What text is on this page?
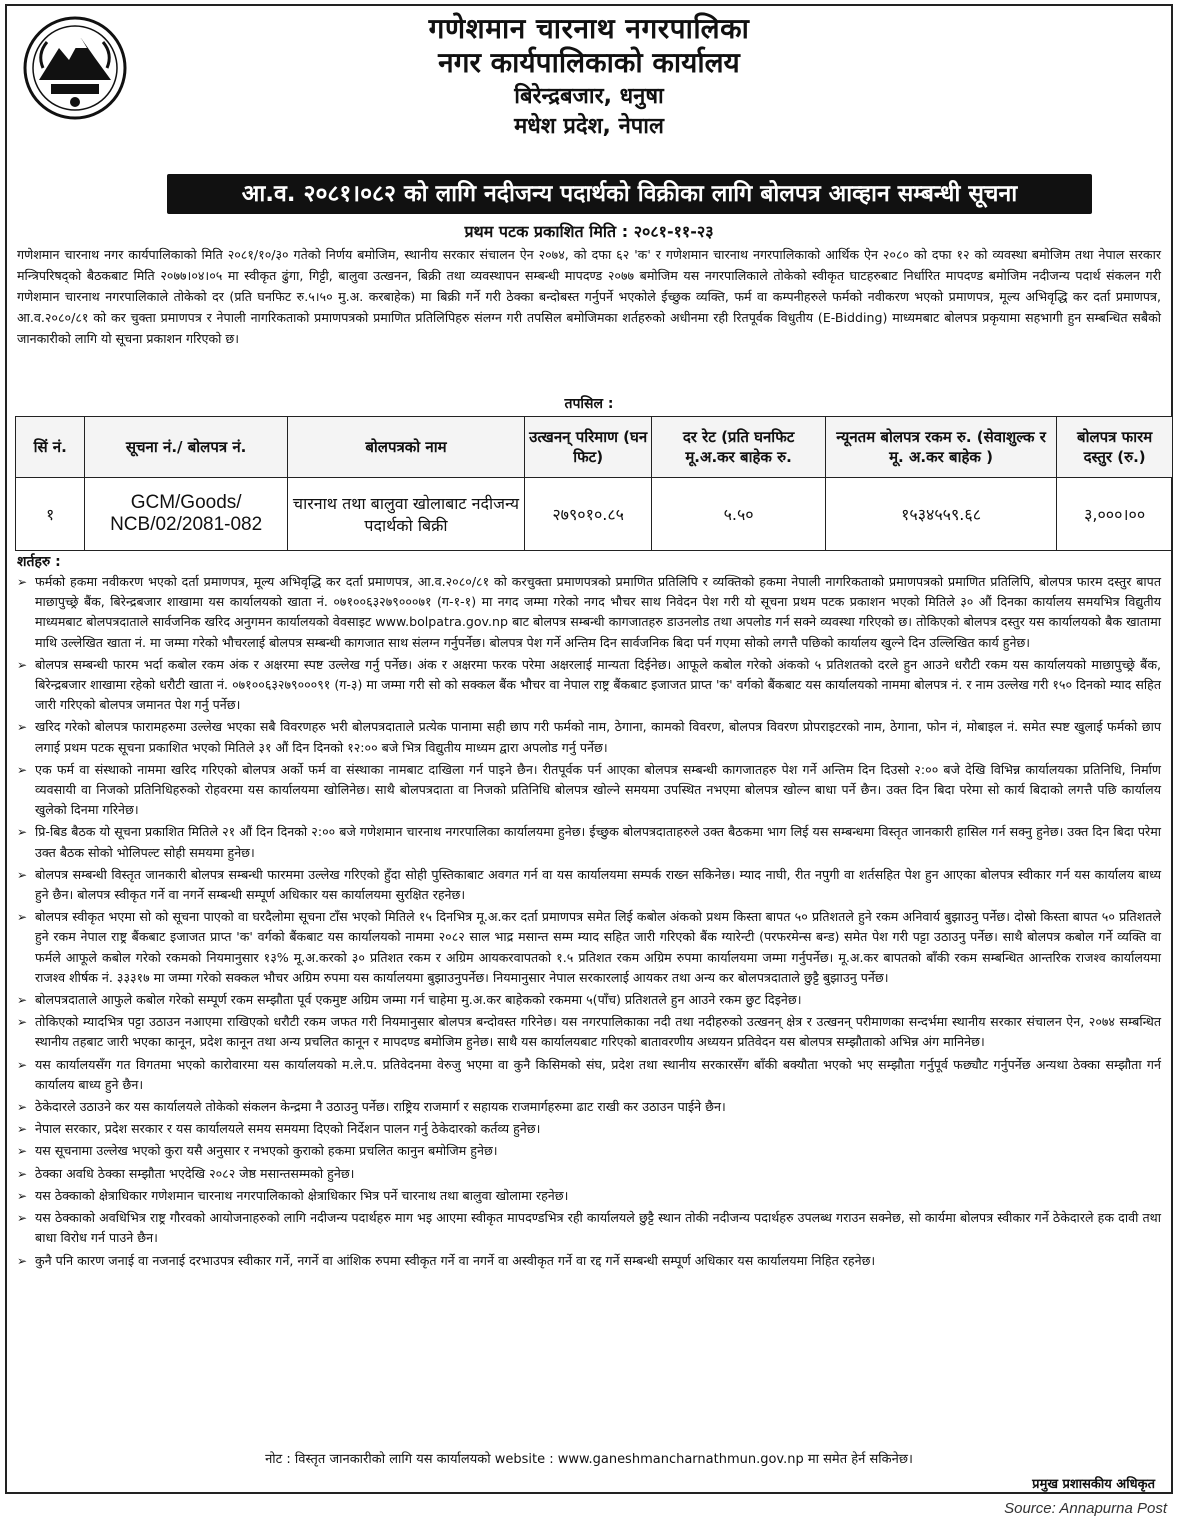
गणेशमान चारनाथ नगरपालिका
नगर कार्यपालिकाको कार्यालय
बिरेन्द्रबजार, धनुषा
मधेश प्रदेश, नेपाल
आ.व. २०८१।०८२ को लागि नदीजन्य पदार्थको विक्रीका लागि बोलपत्र आव्हान सम्बन्धी सूचना
प्रथम पटक प्रकाशित मिति : २०८१-११-२३
गणेशमान चारनाथ नगर कार्यपालिकाको मिति २०८१/१०/३० गतेको निर्णय बमोजिम, स्थानीय सरकार संचालन ऐन २०७४, को दफा ६२ 'क' र गणेशमान चारनाथ नगरपालिकाको आर्थिक ऐन २०८० को दफा १२ को व्यवस्था बमोजिम तथा नेपाल सरकार मन्त्रिपरिषद्को बैठकबाट मिति २०७७।०४।०५ मा स्वीकृत ढुंगा, गिट्टी, बालुवा उत्खनन, बिक्री तथा व्यवस्थापन सम्बन्धी मापदण्ड २०७७ बमोजिम यस नगरपालिकाले तोकेको स्वीकृत घाटहरुबाट निर्धारित मापदण्ड बमोजिम नदीजन्य पदार्थ संकलन गरी गणेशमान चारनाथ नगरपालिकाले तोकेको दर (प्रति घनफिट रु.५।५० मु.अ. करबाहेक) मा बिक्री गर्ने गरी ठेक्का बन्दोबस्त गर्नुपर्ने भएकोले ईच्छुक व्यक्ति, फर्म वा कम्पनीहरुले फर्मको नवीकरण भएको प्रमाणपत्र, मूल्य अभिवृद्धि कर दर्ता प्रमाणपत्र, आ.व.२०८०/८१ को कर चुक्ता प्रमाणपत्र र नेपाली नागरिकताको प्रमाणपत्रको प्रमाणित प्रतिलिपिहरु संलग्न गरी तपसिल बमोजिमका शर्तहरुको अधीनमा रही रितपूर्वक विधुतीय (E-Bidding) माध्यमबाट बोलपत्र प्रकृयामा सहभागी हुन सम्बन्धित सबैको जानकारीको लागि यो सूचना प्रकाशन गरिएको छ।
तपसिल :
सिं नं.	सूचना नं./ बोलपत्र नं.	बोलपत्रको नाम	उत्खनन् परिमाण (घन फिट)	दर रेट (प्रति घनफिट मू.अ.कर बाहेक रु.	न्यूनतम बोलपत्र रकम रु. (सेवाशुल्क र मू. अ.कर बाहेक )	बोलपत्र फारम दस्तुर (रु.)
१	GCM/Goods/ NCB/02/2081-082	चारनाथ तथा बालुवा खोलाबाट नदीजन्य पदार्थको बिक्री	२७९०१०.८५	५.५०	१५३४५५९.६८	३,०००।००
शर्तहरु :
➢ फर्मको हकमा नवीकरण भएको दर्ता प्रमाणपत्र, मूल्य अभिवृद्धि कर दर्ता प्रमाणपत्र, आ.व.२०८०/८१ को करचुक्ता प्रमाणपत्रको प्रमाणित प्रतिलिपि र व्यक्तिको हकमा नेपाली नागरिकताको प्रमाणपत्रको प्रमाणित प्रतिलिपि, बोलपत्र फारम दस्तुर बापत माछापुच्छ्रे बैंक, बिरेन्द्रबजार शाखामा यस कार्यालयको खाता नं. ०७१००६३२७९०००७१ (ग-१-१) मा नगद जम्मा गरेको नगद भौचर साथ निवेदन पेश गरी यो सूचना प्रथम पटक प्रकाशन भएको मितिले ३० औं दिनका कार्यालय समयभित्र विद्युतीय माध्यमबाट बोलपत्रदाताले सार्वजनिक खरिद अनुगमन कार्यालयको वेवसाइट www.bolpatra.gov.np बाट बोलपत्र सम्बन्धी कागजातहरु डाउनलोड तथा अपलोड गर्न सक्ने व्यवस्था गरिएको छ। तोकिएको बोलपत्र दस्तुर यस कार्यालयको बैक खातामा माथि उल्लेखित खाता नं. मा जम्मा गरेको भौचरलाई बोलपत्र सम्बन्धी कागजात साथ संलग्न गर्नुपर्नेछ। बोलपत्र पेश गर्ने अन्तिम दिन सार्वजनिक बिदा पर्न गएमा सोको लगत्तै पछिको कार्यालय खुल्ने दिन उल्लिखित कार्य हुनेछ।
➢ बोलपत्र सम्बन्धी फारम भर्दा कबोल रकम अंक र अक्षरमा स्पष्ट उल्लेख गर्नु पर्नेछ। अंक र अक्षरमा फरक परेमा अक्षरलाई मान्यता दिईनेछ। आफूले कबोल गरेको अंकको ५ प्रतिशतको दरले हुन आउने धरौटी रकम यस कार्यालयको माछापुच्छ्रे बैंक, बिरेन्द्रबजार शाखामा रहेको धरौटी खाता नं. ०७१००६३२७९०००९१ (ग-३) मा जम्मा गरी सो को सक्कल बैंक भौचर वा नेपाल राष्ट्र बैंकबाट इजाजत प्राप्त 'क' वर्गको बैंकबाट यस कार्यालयको नाममा बोलपत्र नं. र नाम उल्लेख गरी १५० दिनको म्याद सहित जारी गरिएको बोलपत्र जमानत पेश गर्नु पर्नेछ।
➢ खरिद गरेको बोलपत्र फारामहरुमा उल्लेख भएका सबै विवरणहरु भरी बोलपत्रदाताले प्रत्येक पानामा सही छाप गरी फर्मको नाम, ठेगाना, कामको विवरण, बोलपत्र विवरण प्रोपराइटरको नाम, ठेगाना, फोन नं, मोबाइल नं. समेत स्पष्ट खुलाई फर्मको छाप लगाई प्रथम पटक सूचना प्रकाशित भएको मितिले ३१ औं दिन दिनको १२:०० बजे भित्र विद्युतीय माध्यम द्वारा अपलोड गर्नु पर्नेछ।
➢ एक फर्म वा संस्थाको नाममा खरिद गरिएको बोलपत्र अर्को फर्म वा संस्थाका नामबाट दाखिला गर्न पाइने छैन। रीतपूर्वक पर्न आएका बोलपत्र सम्बन्धी कागजातहरु पेश गर्ने अन्तिम दिन दिउसो २:०० बजे देखि विभिन्न कार्यालयका प्रतिनिधि, निर्माण व्यवसायी वा निजको प्रतिनिधिहरुको रोहवरमा यस कार्यालयमा खोलिनेछ। साथै बोलपत्रदाता वा निजको प्रतिनिधि बोलपत्र खोल्ने समयमा उपस्थित नभएमा बोलपत्र खोल्न बाधा पर्ने छैन। उक्त दिन बिदा परेमा सो कार्य बिदाको लगत्तै पछि कार्यालय खुलेको दिनमा गरिनेछ।
➢ प्रि-बिड बैठक यो सूचना प्रकाशित मितिले २१ औं दिन दिनको २:०० बजे गणेशमान चारनाथ नगरपालिका कार्यालयमा हुनेछ। ईच्छुक बोलपत्रदाताहरुले उक्त बैठकमा भाग लिई यस सम्बन्धमा विस्तृत जानकारी हासिल गर्न सक्नु हुनेछ। उक्त दिन बिदा परेमा उक्त बैठक सोको भोलिपल्ट सोही समयमा हुनेछ।
➢ बोलपत्र सम्बन्धी विस्तृत जानकारी बोलपत्र सम्बन्धी फारममा उल्लेख गरिएको हुँदा सोही पुस्तिकाबाट अवगत गर्न वा यस कार्यालयमा सम्पर्क राख्न सकिनेछ। म्याद नाघी, रीत नपुगी वा शर्तसहित पेश हुन आएका बोलपत्र स्वीकार गर्न यस कार्यालय बाध्य हुने छैन। बोलपत्र स्वीकृत गर्ने वा नगर्ने सम्बन्धी सम्पूर्ण अधिकार यस कार्यालयमा सुरक्षित रहनेछ।
➢ बोलपत्र स्वीकृत भएमा सो को सूचना पाएको वा घरदैलोमा सूचना टाँस भएको मितिले १५ दिनभित्र मू.अ.कर दर्ता प्रमाणपत्र समेत लिई कबोल अंकको प्रथम किस्ता बापत ५० प्रतिशतले हुने रकम अनिवार्य बुझाउनु पर्नेछ। दोस्रो किस्ता बापत ५० प्रतिशतले हुने रकम नेपाल राष्ट्र बैंकबाट इजाजत प्राप्त 'क' वर्गको बैंकबाट यस कार्यालयको नाममा २०८२ साल भाद्र मसान्त सम्म म्याद सहित जारी गरिएको बैंक ग्यारेन्टी (परफरमेन्स बन्ड) समेत पेश गरी पट्टा उठाउनु पर्नेछ। साथै बोलपत्र कबोल गर्ने व्यक्ति वा फर्मले आफूले कबोल गरेको रकमको नियमानुसार १३% मू.अ.करको ३० प्रतिशत रकम र अग्रिम आयकरवापतको १.५ प्रतिशत रकम अग्रिम रुपमा कार्यालयमा जम्मा गर्नुपर्नेछ। मू.अ.कर बापतको बाँकी रकम सम्बन्धित आन्तरिक राजश्व कार्यालयमा राजश्व शीर्षक नं. ३३३१७ मा जम्मा गरेको सक्कल भौचर अग्रिम रुपमा यस कार्यालयमा बुझाउनुपर्नेछ। नियमानुसार नेपाल सरकारलाई आयकर तथा अन्य कर बोलपत्रदाताले छुट्टै बुझाउनु पर्नेछ।
➢ बोलपत्रदाताले आफुले कबोल गरेको सम्पूर्ण रकम सम्झौता पूर्व एकमुष्ट अग्रिम जम्मा गर्न चाहेमा मु.अ.कर बाहेकको रकममा ५(पाँच) प्रतिशतले हुन आउने रकम छुट दिइनेछ।
➢ तोकिएको म्यादभित्र पट्टा उठाउन नआएमा राखिएको धरौटी रकम जफत गरी नियमानुसार बोलपत्र बन्दोवस्त गरिनेछ। यस नगरपालिकाका नदी तथा नदीहरुको उत्खनन् क्षेत्र र उत्खनन् परीमाणका सन्दर्भमा स्थानीय सरकार संचालन ऐन, २०७४ सम्बन्धित स्थानीय तहबाट जारी भएका कानून, प्रदेश कानून तथा अन्य प्रचलित कानून र मापदण्ड बमोजिम हुनेछ। साथै यस कार्यालयबाट गरिएको बातावरणीय अध्ययन प्रतिवेदन यस बोलपत्र सम्झौताको अभिन्न अंग मानिनेछ।
➢ यस कार्यालयसँग गत विगतमा भएको कारोवारमा यस कार्यालयको म.ले.प. प्रतिवेदनमा वेरुजु भएमा वा कुनै किसिमको संघ, प्रदेश तथा स्थानीय सरकारसँग बाँकी बक्यौता भएको भए सम्झौता गर्नुपूर्व फछ्यौट गर्नुपर्नेछ अन्यथा ठेक्का सम्झौता गर्न कार्यालय बाध्य हुने छैन।
➢ ठेकेदारले उठाउने कर यस कार्यालयले तोकेको संकलन केन्द्रमा नै उठाउनु पर्नेछ। राष्ट्रिय राजमार्ग र सहायक राजमार्गहरुमा ढाट राखी कर उठाउन पाईने छैन।
➢ नेपाल सरकार, प्रदेश सरकार र यस कार्यालयले समय समयमा दिएको निर्देशन पालन गर्नु ठेकेदारको कर्तव्य हुनेछ।
➢ यस सूचनामा उल्लेख भएको कुरा यसै अनुसार र नभएको कुराको हकमा प्रचलित कानुन बमोजिम हुनेछ।
➢ ठेक्का अवधि ठेक्का सम्झौता भएदेखि २०८२ जेष्ठ मसान्तसम्मको हुनेछ।
➢ यस ठेक्काको क्षेत्राधिकार गणेशमान चारनाथ नगरपालिकाको क्षेत्राधिकार भित्र पर्ने चारनाथ तथा बालुवा खोलामा रहनेछ।
➢ यस ठेक्काको अवधिभित्र राष्ट्र गौरवको आयोजनाहरुको लागि नदीजन्य पदार्थहरु माग भइ आएमा स्वीकृत मापदण्डभित्र रही कार्यालयले छुट्टै स्थान तोकी नदीजन्य पदार्थहरु उपलब्ध गराउन सक्नेछ, सो कार्यमा बोलपत्र स्वीकार गर्ने ठेकेदारले हक दावी तथा बाधा विरोध गर्न पाउने छैन।
➢ कुनै पनि कारण जनाई वा नजनाई दरभाउपत्र स्वीकार गर्ने, नगर्ने वा आंशिक रुपमा स्वीकृत गर्ने वा नगर्ने वा अस्वीकृत गर्ने वा रद्द गर्ने सम्बन्धी सम्पूर्ण अधिकार यस कार्यालयमा निहित रहनेछ।
नोट : विस्तृत जानकारीको लागि यस कार्यालयको website : www.ganeshmancharnathmun.gov.np मा समेत हेर्न सकिनेछ।
प्रमुख प्रशासकीय अधिकृत
Source: Annapurna Post
